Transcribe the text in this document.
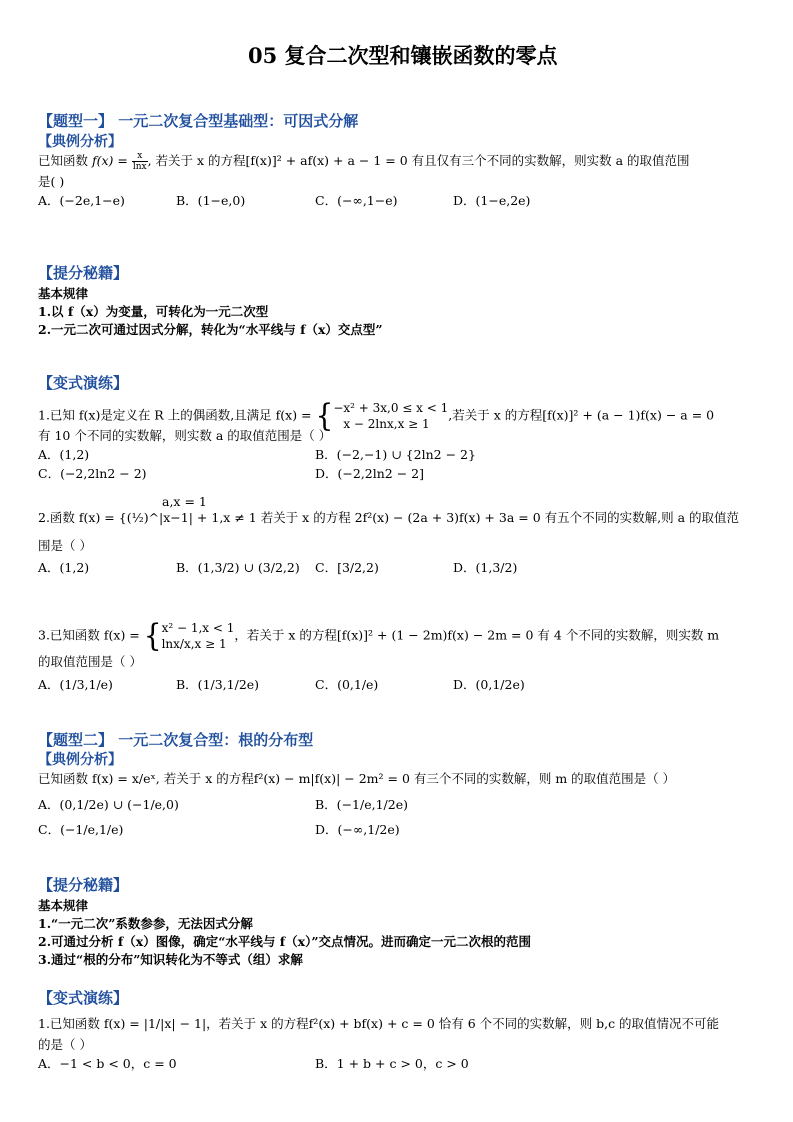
05 复合二次型和镶嵌函数的零点
【题型一】 一元二次复合型基础型：可因式分解
【典例分析】
已知函数 $f(x) = \frac{x}{\ln x}$ , 若关于 x 的方程[f(x)]² + af(x) + a − 1 = 0 有且仅有三个不同的实数解，则实数 a 的取值范围
是( )
A．(−2e,1−e)	B．(1−e,0)	C．(−∞,1−e)	D．(1−e,2e)
【提分秘籍】
基本规律
1.以 f（x）为变量，可转化为一元二次型
2.一元二次可通过因式分解，转化为“水平线与 f（x）交点型”
【变式演练】
1.已知 f(x)是定义在 R 上的偶函数,且满足 f(x) = { −x² + 3x,0 ≤ x < 1
x − 2lnx,x ≥ 1
,若关于 x 的方程[f(x)]² + (a − 1)f(x) − a = 0
有 10 个不同的实数解，则实数 a 的取值范围是（ ）
A．(1,2)	B．(−2,−1) ∪ {2ln2 − 2}
C．(−2,2ln2 − 2)	D．(−2,2ln2 − 2]
a,x = 1
2.函数 f(x) = {(½)^|x−1| + 1,x ≠ 1 若关于 x 的方程 2f²(x) − (2a + 3)f(x) + 3a = 0 有五个不同的实数解,则 a 的取值范
围是（ ）
A．(1,2)	B．(1,3/2) ∪ (3/2,2) C．[3/2,2)	D．(1,3/2)
3.已知函数 f(x) = { x² − 1,x < 1
lnx/x,x ≥ 1
，若关于 x 的方程[f(x)]² + (1 − 2m)f(x) − 2m = 0 有 4 个不同的实数解，则实数 m
的取值范围是（ ）
A．(1/3,1/e)	B．(1/3,1/2e)	C．(0,1/e)	D．(0,1/2e)
【题型二】 一元二次复合型：根的分布型
【典例分析】
已知函数 f(x) = x/eˣ, 若关于 x 的方程f²(x) − m|f(x)| − 2m² = 0 有三个不同的实数解，则 m 的取值范围是（ ）
A．(0,1/2e) ∪ (−1/e,0)	B．(−1/e,1/2e)
C．(−1/e,1/e)	D．(−∞,1/2e)
【提分秘籍】
基本规律
1.“一元二次”系数参参，无法因式分解
2.可通过分析 f（x）图像，确定“水平线与 f（x）”交点情况。进而确定一元二次根的范围
3.通过“根的分布”知识转化为不等式（组）求解
【变式演练】
1.已知函数 f(x) = |1/|x| − 1|，若关于 x 的方程f²(x) + bf(x) + c = 0 恰有 6 个不同的实数解，则 b,c 的取值情况不可能
的是（ ）
A．−1 < b < 0，c = 0	B．1 + b + c > 0，c > 0
